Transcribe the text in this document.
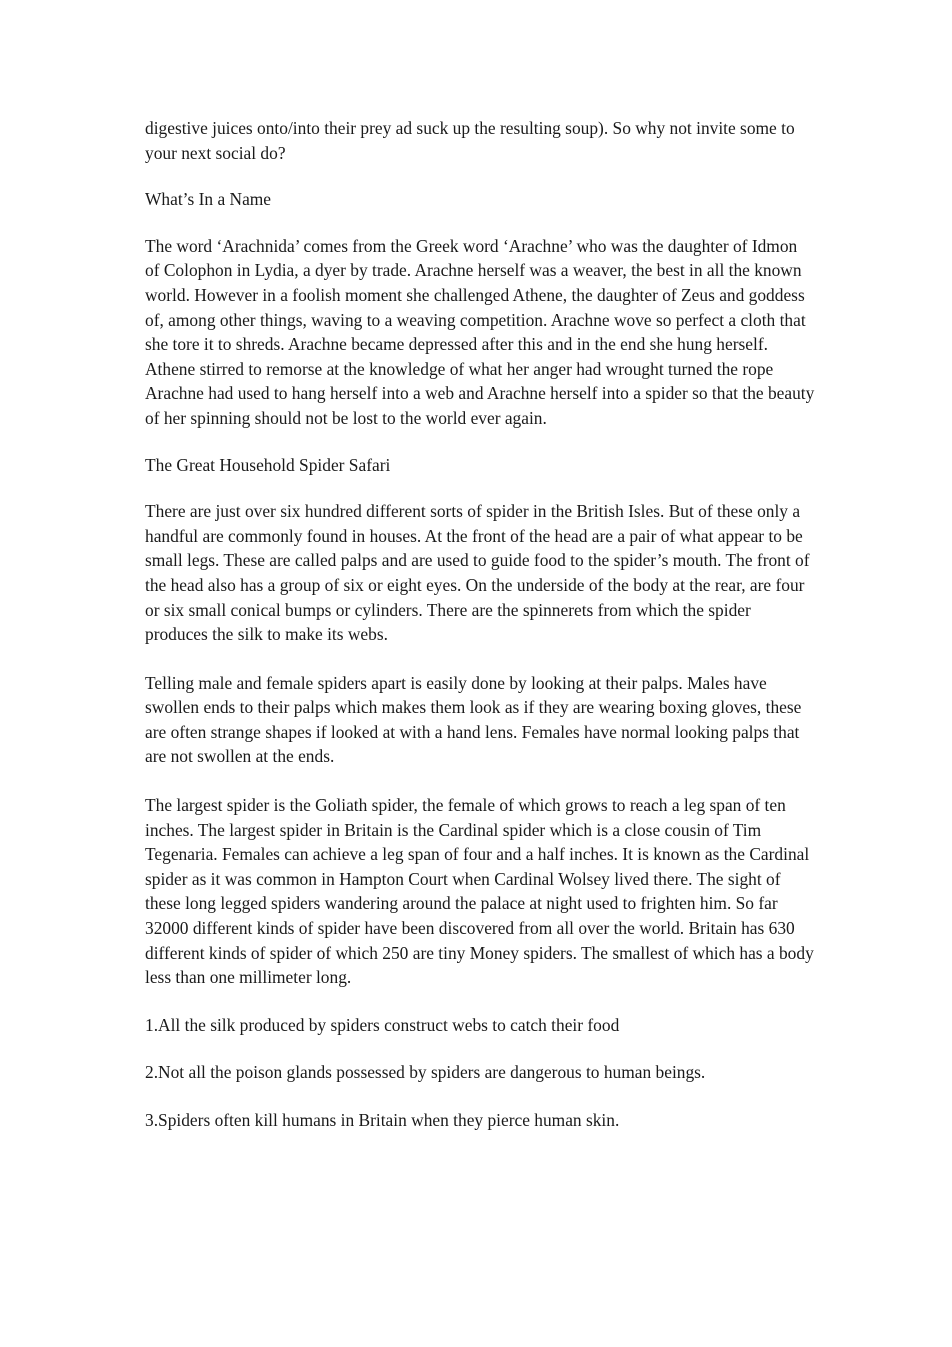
digestive juices onto/into their prey ad suck up the resulting soup). So why not invite some to your next social do?

What’s In a Name

The word ‘Arachnida’ comes from the Greek word ‘Arachne’ who was the daughter of Idmon of Colophon in Lydia, a dyer by trade. Arachne herself was a weaver, the best in all the known world. However in a foolish moment she challenged Athene, the daughter of Zeus and goddess of, among other things, waving to a weaving competition. Arachne wove so perfect a cloth that she tore it to shreds. Arachne became depressed after this and in the end she hung herself. Athene stirred to remorse at the knowledge of what her anger had wrought turned the rope Arachne had used to hang herself into a web and Arachne herself into a spider so that the beauty of her spinning should not be lost to the world ever again.

The Great Household Spider Safari

There are just over six hundred different sorts of spider in the British Isles. But of these only a handful are commonly found in houses. At the front of the head are a pair of what appear to be small legs. These are called palps and are used to guide food to the spider’s mouth. The front of the head also has a group of six or eight eyes. On the underside of the body at the rear, are four or six small conical bumps or cylinders. There are the spinnerets from which the spider produces the silk to make its webs.

Telling male and female spiders apart is easily done by looking at their palps. Males have swollen ends to their palps which makes them look as if they are wearing boxing gloves, these are often strange shapes if looked at with a hand lens. Females have normal looking palps that are not swollen at the ends.

The largest spider is the Goliath spider, the female of which grows to reach a leg span of ten inches. The largest spider in Britain is the Cardinal spider which is a close cousin of Tim Tegenaria. Females can achieve a leg span of four and a half inches. It is known as the Cardinal spider as it was common in Hampton Court when Cardinal Wolsey lived there. The sight of these long legged spiders wandering around the palace at night used to frighten him. So far 32000 different kinds of spider have been discovered from all over the world. Britain has 630 different kinds of spider of which 250 are tiny Money spiders. The smallest of which has a body less than one millimeter long.

1.All the silk produced by spiders construct webs to catch their food

2.Not all the poison glands possessed by spiders are dangerous to human beings.

3.Spiders often kill humans in Britain when they pierce human skin.
